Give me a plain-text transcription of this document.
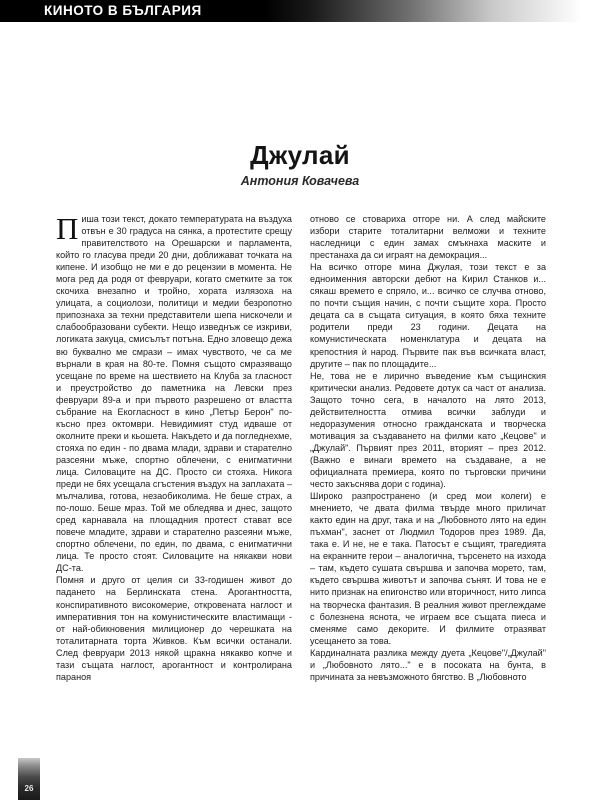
КИНОТО В БЪЛГАРИЯ
Джулай
Антония Ковачева

Пиша този текст, докато температурата на въздуха отвън е 30 градуса на сянка, а протестите срещу правителството на Орешарски и парламента, който го гласува преди 20 дни, доближават точката на кипене. И изобщо не ми е до рецензии в момента. Не мога ред да родя от февруари, когато сметките за ток скочиха внезапно и тройно, хората излязоха на улицата, а социолози, политици и медии безропотно припознаха за техни представители шепа нискочели и слабообразовани субекти. Нещо изведнъж се изкриви, логиката закуца, смисълът потъна. Едно зловещо дежа вю буквално ме смрази – имах чувството, че са ме върнали в края на 80-те. Помня същото смразяващо усещане по време на шествието на Клуба за гласност и преустройство до паметника на Левски през февруари 89-а и при първото разрешено от властта събрание на Екогласност в кино „Петър Берон" по-късно през октомври. Невидимият студ идваше от околните преки и кьошета. Накъдето и да погледнехме, стояха по един - по двама млади, здрави и старателно разсеяни мъже, спортно облечени, с енигматични лица. Силоваците на ДС. Просто си стояха. Никога преди не бях усещала сгъстения въздух на заплахата – мълчалива, готова, незаобиколима. Не беше страх, а по-лошо. Беше мраз. Той ме обледява и днес, защото сред карнавала на площадния протест стават все повече младите, здрави и старателно разсеяни мъже, спортно облечени, по един, по двама, с енигматични лица. Те просто стоят. Силоваците на някакви нови ДС-та.

Помня и друго от целия си 33-годишен живот до падането на Берлинската стена. Арогантността, конспиративното високомерие, откровената наглост и императивния тон на комунистическите властимащи - от най-обикновения милиционер до черешката на тоталитарната торта Живков. Към всички останали. След февруари 2013 някой щракна някакво копче и тази същата наглост, арогантност и контролирана параноя

отново се стовариха отгоре ни. А след майските избори старите тоталитарни велможи и техните наследници с един замах смъкнаха маските и престанаха да си играят на демокрация...

На всичко отгоре мина Джулая, този текст е за едноименния авторски дебют на Кирил Станков и... сякаш времето е спряло, и... всичко се случва отново, по почти същия начин, с почти същите хора. Просто децата са в същата ситуация, в която бяха техните родители преди 23 години. Децата на комунистическата номенклатура и децата на крепостния ѝ народ. Първите пак във всичката власт, другите – пак по площадите...

Не, това не е лирично въведение към същинския критически анализ. Редовете дотук са част от анализа. Защото точно сега, в началото на лято 2013, действителността отмива всички заблуди и недоразумения относно гражданската и творческа мотивация за създаването на филми като „Кецове" и „Джулай". Първият през 2011, вторият – през 2012. (Важно е винаги времето на създаване, а не официалната премиера, която по търговски причини често закъснява дори с година).

Широко разпространено (и сред мои колеги) е мнението, че двата филма твърде много приличат както един на друг, така и на „Любовното лято на един пъхман", заснет от Людмил Тодоров през 1989. Да, така е. И не, не е така. Патосът е същият, трагедията на екранните герои – аналогична, търсенето на изхода – там, където сушата свършва и започва морето, там, където свършва животът и започва сънят. И това не е нито признак на епигонство или вторичност, нито липса на творческа фантазия. В реалния живот преглеждаме с болезнена яснота, че играем все същата пиеса и сменяме само декорите. И филмите отразяват усещането за това.

Кардиналната разлика между дуета „Кецове"/„Джулай" и „Любовното лято..." е в посоката на бунта, в причината за невъзможното бягство. В „Любовното

26
